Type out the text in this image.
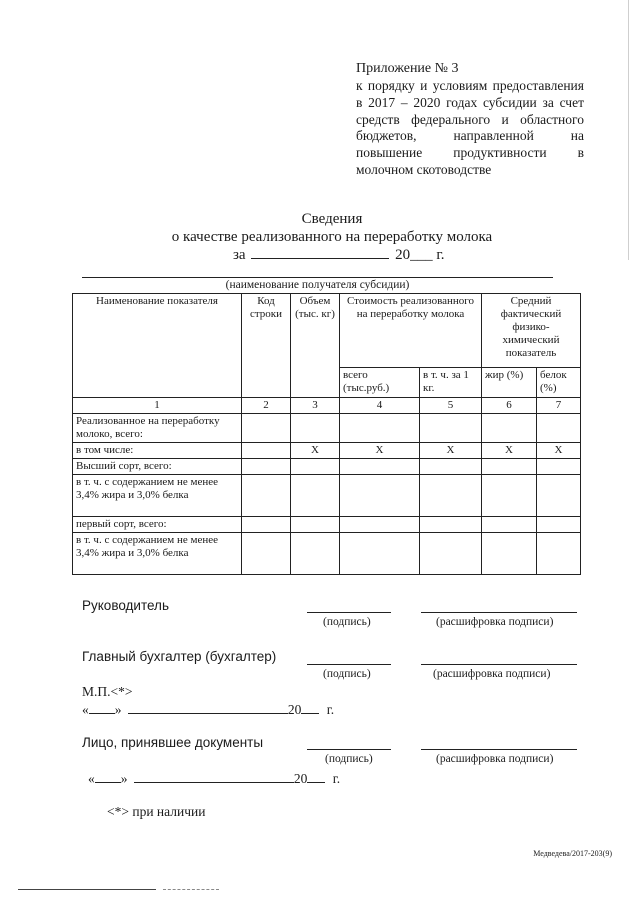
Приложение № 3
к порядку и условиям предоставления в 2017 – 2020 годах субсидии за счет средств федерального и областного бюджетов, направленной на повышение продуктивности в молочном скотоводстве
Сведения
о качестве реализованного на переработку молока
за	20___ г.
(наименование получателя субсидии)
Наименование показателя	Код строки	Объем (тыс. кг)	Стоимость реализованного на переработку молока		Средний фактический физико-химический показатель	
			всего (тыс.руб.)	в т. ч. за 1 кг.	жир (%)	белок (%)
1	2	3	4	5	6	7
Реализованное на переработку молоко, всего:						
в том числе:		X	X	X	X	X
Высший сорт, всего:						
в т. ч. с содержанием не менее 3,4% жира и 3,0% белка						
первый сорт, всего:						
в т. ч. с содержанием не менее 3,4% жира и 3,0% белка						
Руководитель
(подпись)	(расшифровка подписи)
Главный бухгалтер (бухгалтер)
(подпись)	(расшифровка подписи)
М.П.<*>
« »	20 г.
Лицо, принявшее документы
(подпись)	(расшифровка подписи)
« »	20 г.
<*> при наличии
Медведева/2017-203(9)
